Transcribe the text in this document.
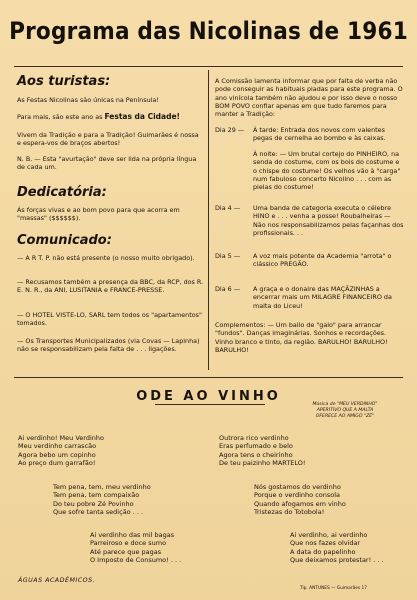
Programa das Nicolinas de 1961
Aos turistas:
As Festas Nicolinas são únicas na Península!
Para mais, são este ano as Festas da Cidade!
Vivem da Tradição e para a Tradição! Guimarães é nossa e espera-vos de braços abertos!
N. B. — Esta "avurtação" deve ser lida na própria língua de cada um.
Dedicatória:
Às forças vivas e ao bom povo para que acorra em "massas" ($$$$$$).
Comunicado:
— A R T. P. não está presente (o nosso muito obrigado).
— Recusamos também a presença da BBC, da RCP, dos R. E. N. R., da ANI, LUSITANIA e FRANCE-PRESSE.
— O HOTEL VISTE-LO, SARL tem todos os "apartamentos" tomados.
— Os Transportes Municipalizados (via Covas — Lapinha) não se responsabilizam pela falta de . . . ligações.
A Comissão lamenta informar que por falta de verba não pode conseguir as habituais piadas para este programa. O ano vinícola também não ajudou e por isso deve o nosso BOM POVO confiar apenas em que tudo faremos para manter a Tradição:
Dia 29 —	À tarde: Entrada dos novos com valentes pegas de cernelha ao bombo e às caixas.
À noite: — Um brutal cortejo do PINHEIRO, na senda do costume, com os bois do costume e o chispe do costume! Os velhos vão à "carga" num fabuloso concerto Nicolino . . . com as pielas do costume!
Dia 4 —	Uma banda de categoria executa o célebre HINO e . . . venha a posse! Roubalheiras — Não nos responsabilizamos pelas façanhas dos profissionais. . .
Dia 5 —	A voz mais potente da Academia "arrota" o clássico PREGÃO.
Dia 6 —	A graça e o donaire das MAÇÃZINHAS a encerrar mais um MILAGRE FINANCEIRO da malta do Liceu!
Complementos: — Um bailo de "galo" para arrancar "fundos". Danças imaginárias. Sonhos e recordações. Vinho branco e tinto, da região. BARULHO! BARULHO! BARULHO!
ODE AO VINHO
Música de "MEU VERDINHO"
APERITIVO QUE A MALTA
OFERECE AO AMIGO "ZÉ"
Ai verdinho! Meu Verdinho
Meu verdinho carrascão
Agora bebo um copinho
Ao preço dum garrafão!
Tem pena, tem, meu verdinho
Tem pena, tem compaixão
Do teu pobre Zé Povinho
Que sofre tanta sedição . . .
Ai verdinho das mil bagas
Parreiroso e doce sumo
Até parece que pagas
O Imposto de Consumo! . . .
Outrora rico verdinho
Eras perfumado e belo
Agora tens o cheirinho
De teu paizinho MARTELO!
Nós gostamos do verdinho
Porque o verdinho consola
Quando afogamos em vinho
Tristezas do Totobola!
Ai verdinho, ai verdinho
Que nos fazes olvidar
A data do papelinho
Que deixamos protestar! . . .
ÁGUAS ACADÉMICOS.
Tip. ANTUNES — Guimarães 17
